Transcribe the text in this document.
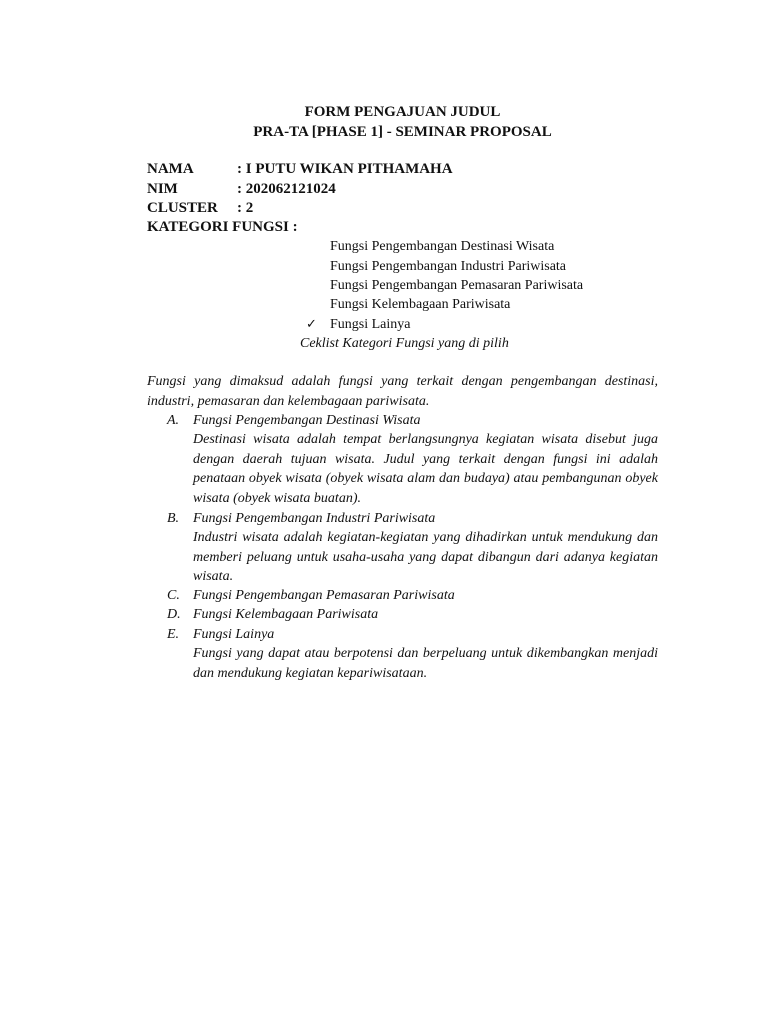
FORM PENGAJUAN JUDUL
PRA-TA [PHASE 1] - SEMINAR PROPOSAL
NAMA	: I PUTU WIKAN PITHAMAHA
NIM	: 202062121024
CLUSTER : 2
KATEGORI FUNGSI :
Fungsi Pengembangan Destinasi Wisata
Fungsi Pengembangan Industri Pariwisata
Fungsi Pengembangan Pemasaran Pariwisata
Fungsi Kelembagaan Pariwisata
✓ Fungsi Lainya
Ceklist Kategori Fungsi yang di pilih
Fungsi yang dimaksud adalah fungsi yang terkait dengan pengembangan destinasi, industri, pemasaran dan kelembagaan pariwisata.
A. Fungsi Pengembangan Destinasi Wisata
Destinasi wisata adalah tempat berlangsungnya kegiatan wisata disebut juga dengan daerah tujuan wisata. Judul yang terkait dengan fungsi ini adalah penataan obyek wisata (obyek wisata alam dan budaya) atau pembangunan obyek wisata (obyek wisata buatan).
B. Fungsi Pengembangan Industri Pariwisata
Industri wisata adalah kegiatan-kegiatan yang dihadirkan untuk mendukung dan memberi peluang untuk usaha-usaha yang dapat dibangun dari adanya kegiatan wisata.
C. Fungsi Pengembangan Pemasaran Pariwisata
D. Fungsi Kelembagaan Pariwisata
E. Fungsi Lainya
Fungsi yang dapat atau berpotensi dan berpeluang untuk dikembangkan menjadi dan mendukung kegiatan kepariwisataan.
